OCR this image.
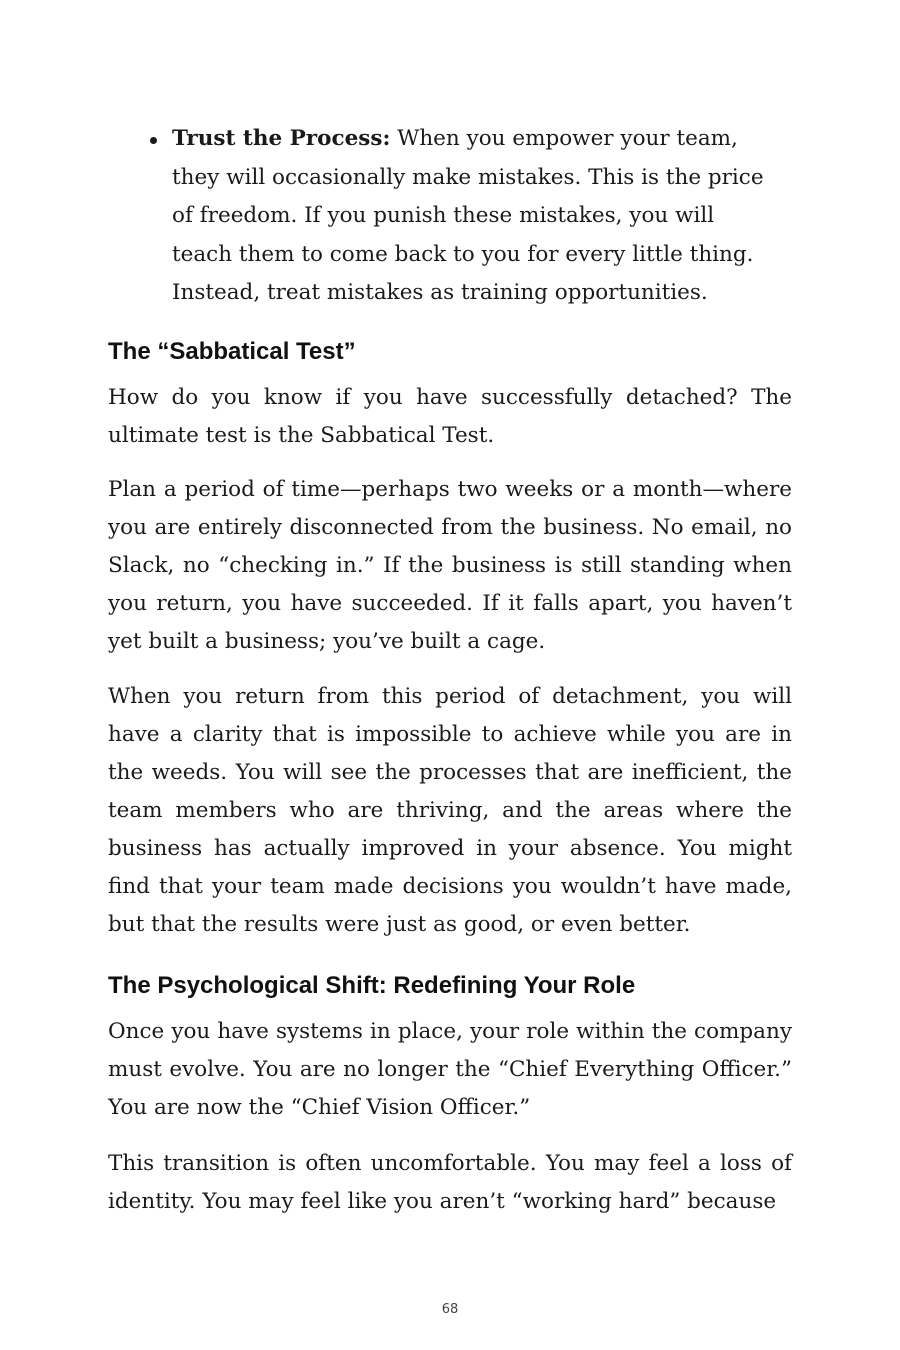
Trust the Process: When you empower your team, they will occasionally make mistakes. This is the price of freedom. If you punish these mistakes, you will teach them to come back to you for every little thing. Instead, treat mistakes as training opportunities.
The “Sabbatical Test”
How do you know if you have successfully detached? The ultimate test is the Sabbatical Test.
Plan a period of time—perhaps two weeks or a month—where you are entirely disconnected from the business. No email, no Slack, no “checking in.” If the business is still standing when you return, you have succeeded. If it falls apart, you haven’t yet built a business; you’ve built a cage.
When you return from this period of detachment, you will have a clarity that is impossible to achieve while you are in the weeds. You will see the processes that are inefficient, the team members who are thriving, and the areas where the business has actually improved in your absence. You might find that your team made decisions you wouldn’t have made, but that the results were just as good, or even better.
The Psychological Shift: Redefining Your Role
Once you have systems in place, your role within the company must evolve. You are no longer the “Chief Everything Officer.” You are now the “Chief Vision Officer.”
This transition is often uncomfortable. You may feel a loss of identity. You may feel like you aren’t “working hard” because
68
